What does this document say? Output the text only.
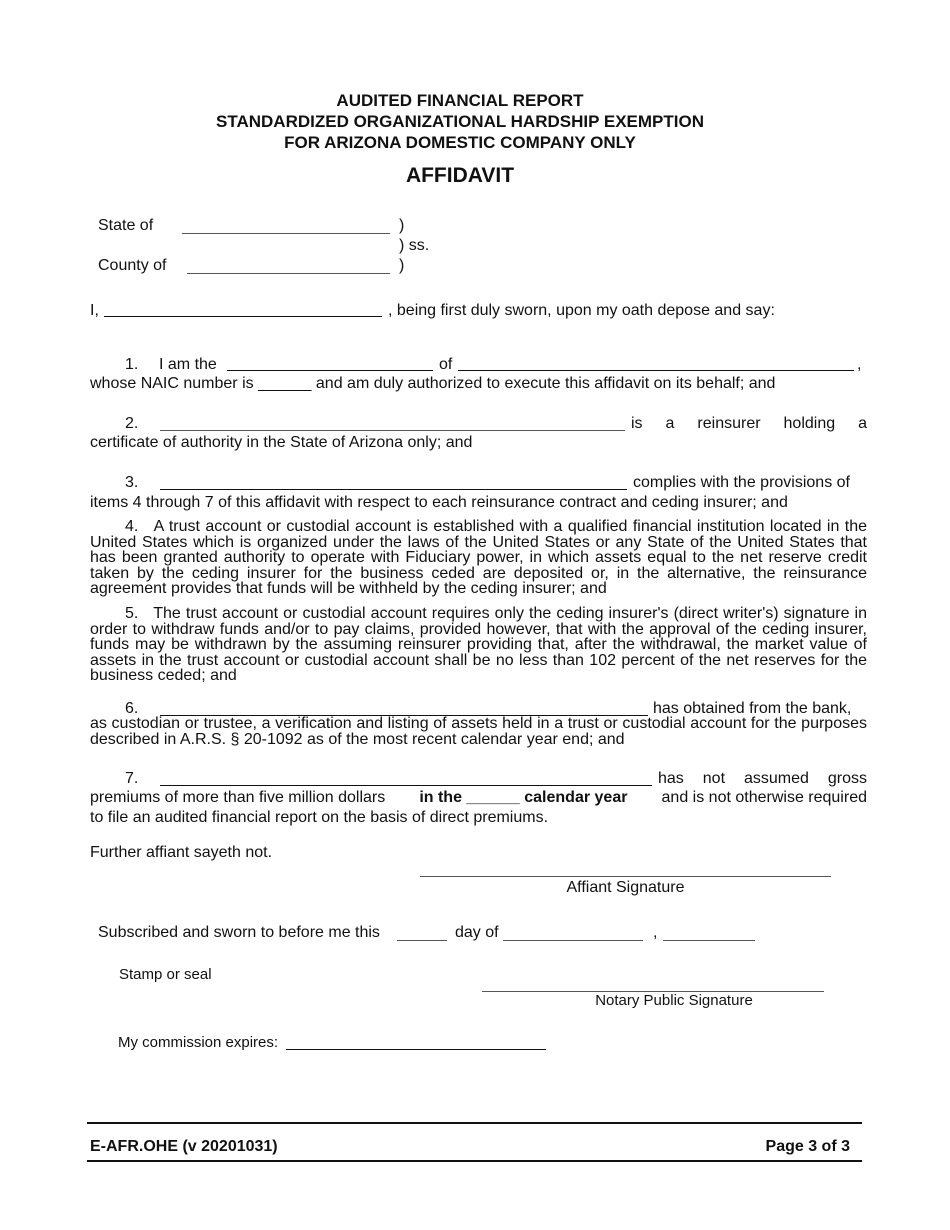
AUDITED FINANCIAL REPORT
STANDARDIZED ORGANIZATIONAL HARDSHIP EXEMPTION
FOR ARIZONA DOMESTIC COMPANY ONLY
AFFIDAVIT
State of	)
) ss.
County of	)
I,	, being first duly sworn, upon my oath depose and say:
1. I am the	of	,
whose NAIC number is ______ and am duly authorized to execute this affidavit on its behalf; and
2.	is a reinsurer holding a
certificate of authority in the State of Arizona only; and
3.	complies with the provisions of
items 4 through 7 of this affidavit with respect to each reinsurance contract and ceding insurer; and
4.   A trust account or custodial account is established with a qualified financial institution located in the United States which is organized under the laws of the United States or any State of the United States that has been granted authority to operate with Fiduciary power, in which assets equal to the net reserve credit taken by the ceding insurer for the business ceded are deposited or, in the alternative, the reinsurance agreement provides that funds will be withheld by the ceding insurer; and
5.   The trust account or custodial account requires only the ceding insurer's (direct writer's) signature in order to withdraw funds and/or to pay claims, provided however, that with the approval of the ceding insurer, funds may be withdrawn by the assuming reinsurer providing that, after the withdrawal, the market value of assets in the trust account or custodial account shall be no less than 102 percent of the net reserves for the business ceded; and
6.	has obtained from the bank,
as custodian or trustee, a verification and listing of assets held in a trust or custodial account for the purposes described in A.R.S. § 20-1092 as of the most recent calendar year end; and
7.	has not assumed gross
premiums of more than five million dollars in the ______ calendar year and is not otherwise required
to file an audited financial report on the basis of direct premiums.
Further affiant sayeth not.
Affiant Signature
Subscribed and sworn to before me this	day of	,
Stamp or seal
Notary Public Signature
My commission expires:
E-AFR.OHE (v 20201031)	Page 3 of 3
